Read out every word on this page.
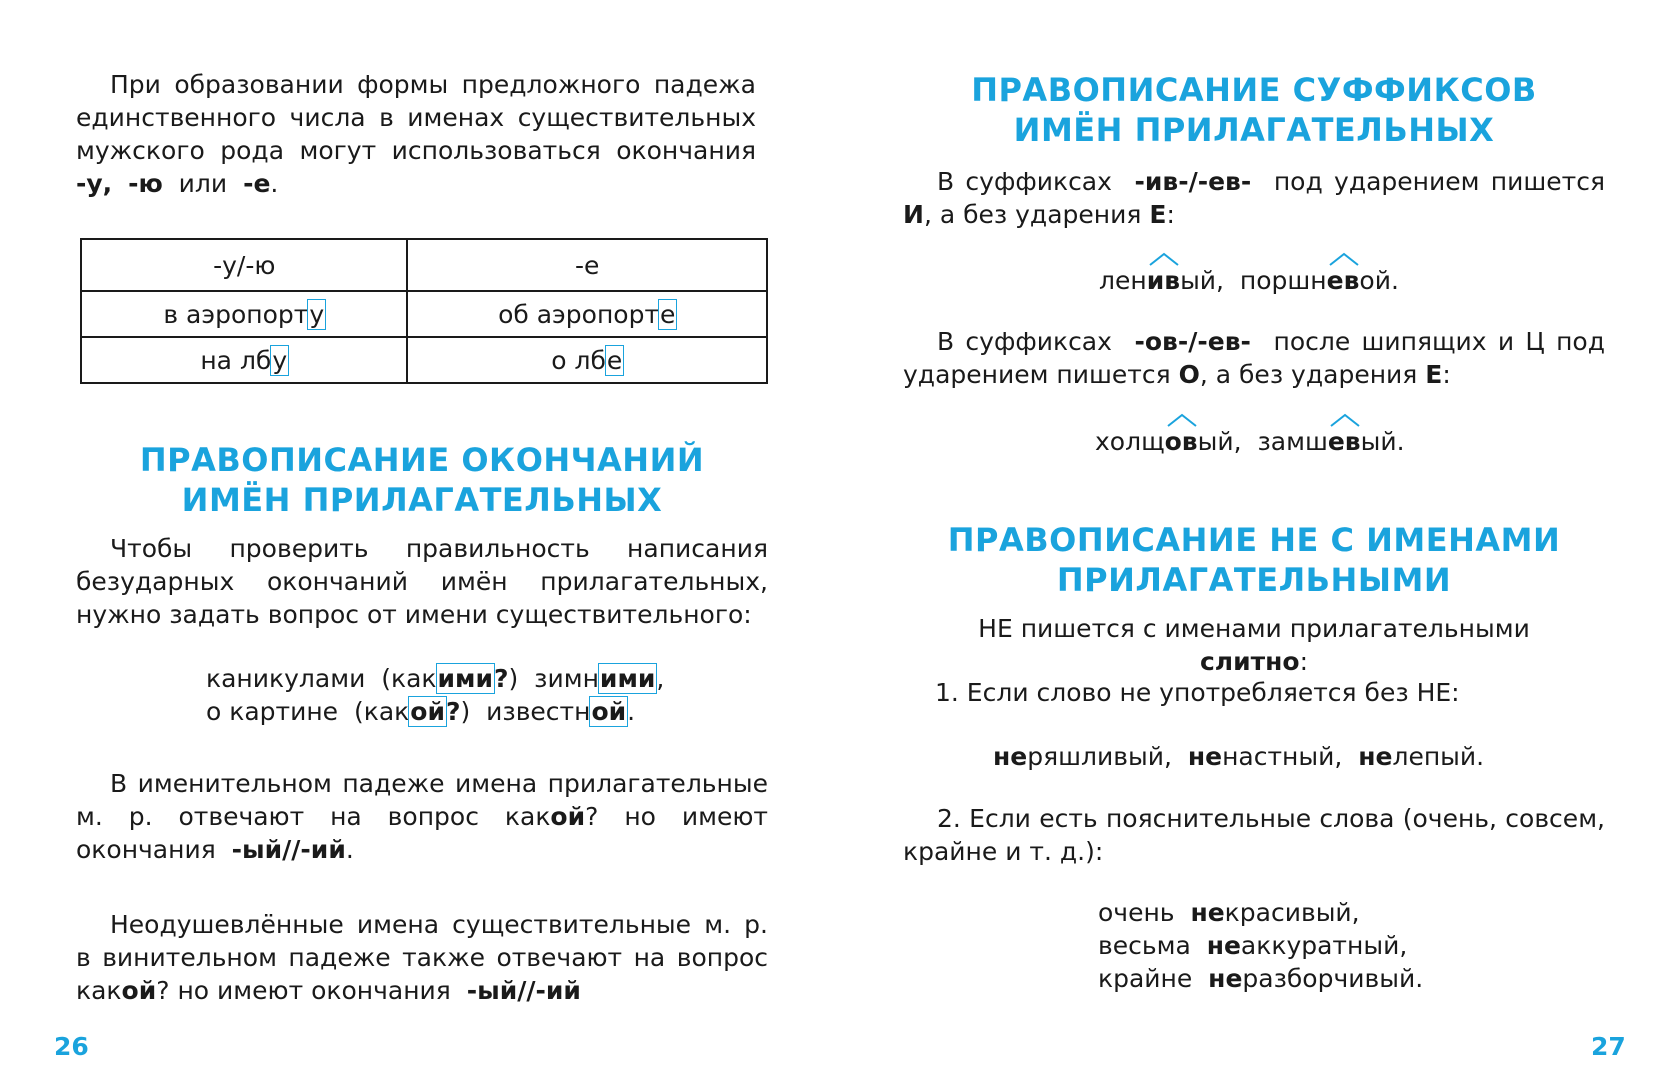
При образовании формы предложного падежа единственного числа в именах существительных мужского рода могут использоваться окончания -у, -ю или -е.

-у/-ю	-е
в аэропорту	об аэропорте
на лбу	о лбе
ПРАВОПИСАНИЕ ОКОНЧАНИЙ
ИМЁН ПРИЛАГАТЕЛЬНЫХ

Чтобы проверить правильность написания безударных окончаний имён прилагательных, нужно задать вопрос от имени существительного:

каникулами (какими?) зимними,
о картине (какой?) известной.

В именительном падеже имена прилагательные м. р. отвечают на вопрос какой? но имеют окончания -ый//-ий.

Неодушевлённые имена существительные м. р. в винительном падеже также отвечают на вопрос какой? но имеют окончания -ый//-ий

26
ПРАВОПИСАНИЕ СУФФИКСОВ
ИМЁН ПРИЛАГАТЕЛЬНЫХ

В суффиксах -ив-/-ев- под ударением пишется И, а без ударения Е:

лен
ивый, поршн
евой.

В суффиксах -ов-/-ев- после шипящих и Ц под ударением пишется О, а без ударения Е:

холщ
овый, замш
евый.
ПРАВОПИСАНИЕ НЕ С ИМЕНАМИ
ПРИЛАГАТЕЛЬНЫМИ

НЕ пишется с именами прилагательными
слитно:

1. Если слово не употребляется без НЕ:
неряшливый, ненастный, нелепый.

2. Если есть пояснительные слова (очень, совсем, крайне и т. д.):

очень некрасивый,
весьма неаккуратный,
крайне неразборчивый.
27
